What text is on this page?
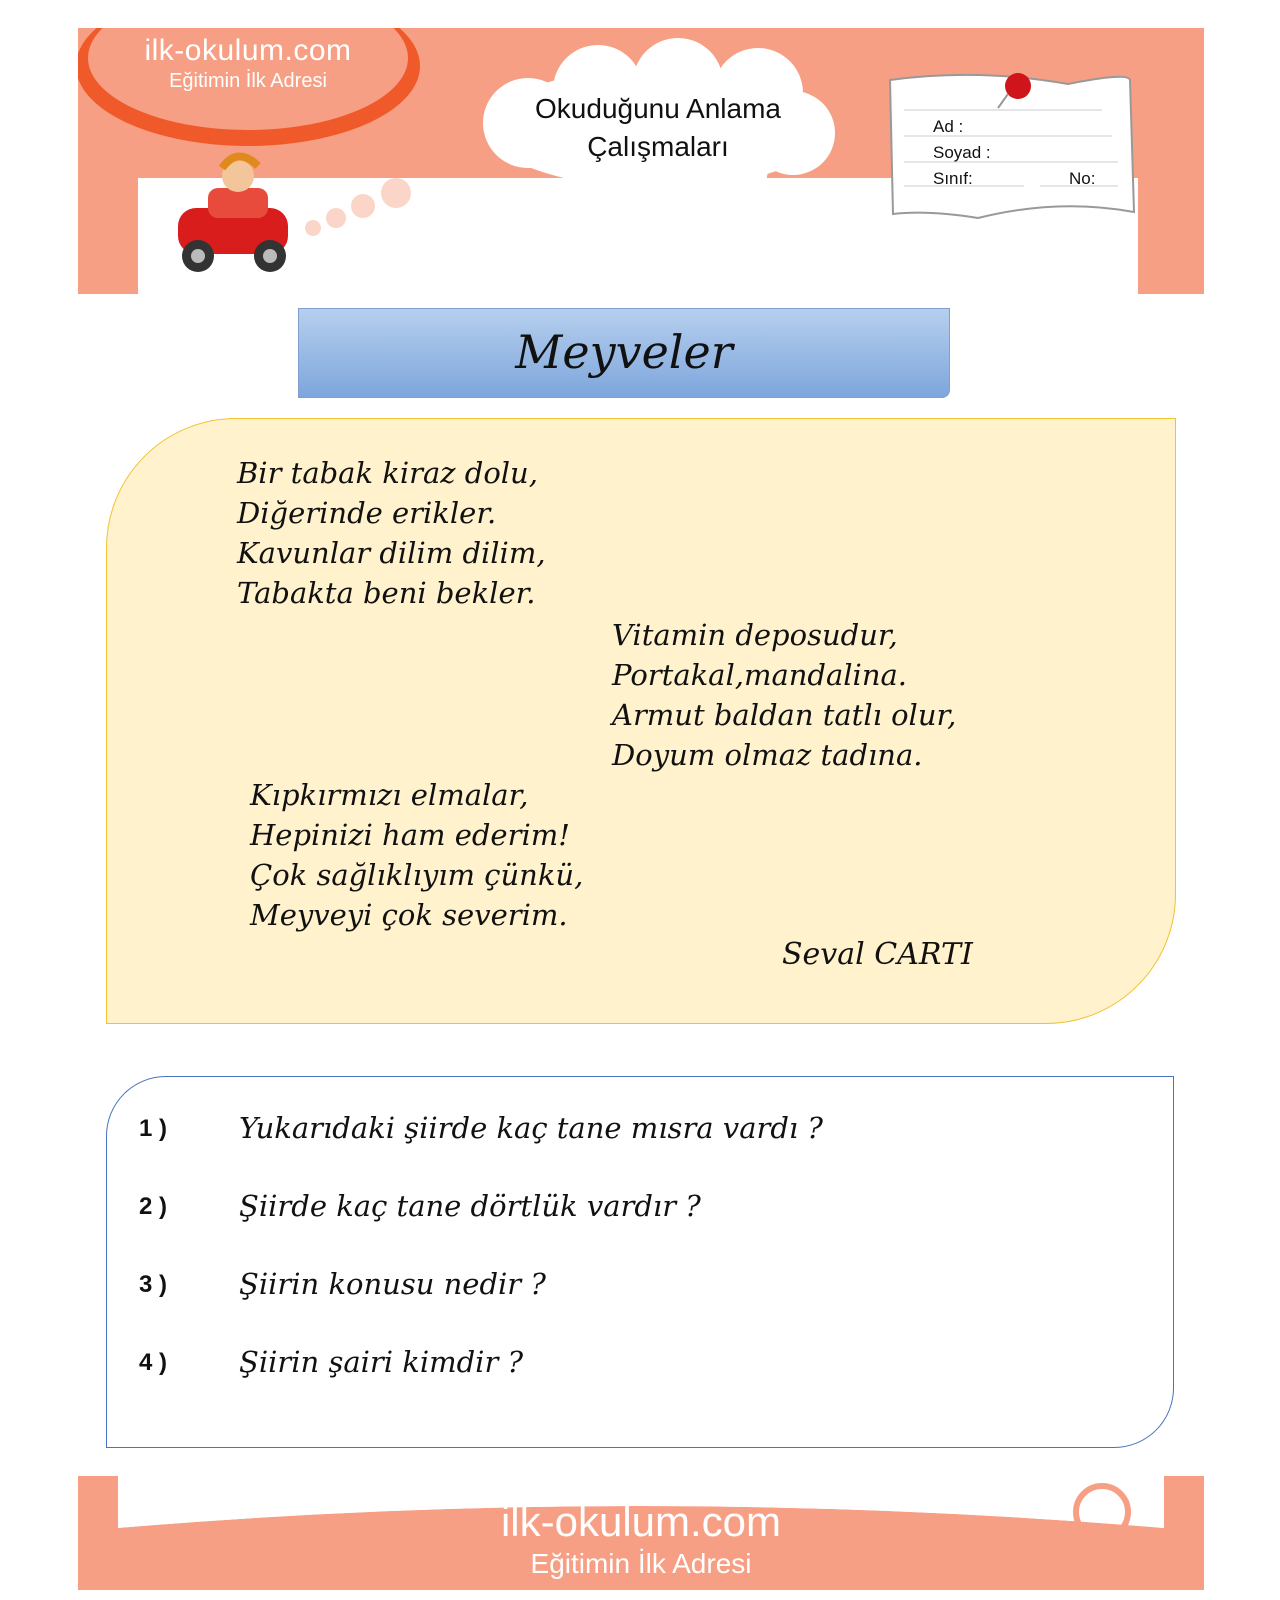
ilk-okulum.com
Eğitimin İlk Adresi
Okuduğunu Anlama
Çalışmaları
Ad :
Soyad :
Sınıf:	No:
Meyveler
Bir tabak kiraz dolu,
Diğerinde erikler.
Kavunlar dilim dilim,
Tabakta beni bekler.
Vitamin deposudur,
Portakal,mandalina.
Armut baldan tatlı olur,
Doyum olmaz tadına.
Kıpkırmızı elmalar,
Hepinizi ham ederim!
Çok sağlıklıyım çünkü,
Meyveyi çok severim.
Seval CARTI
1 )	Yukarıdaki şiirde kaç tane mısra vardı ?
2 )	Şiirde kaç tane dörtlük vardır ?
3 )	Şiirin konusu nedir ?
4 )	Şiirin şairi kimdir ?
ilk-okulum.com
Eğitimin İlk Adresi
